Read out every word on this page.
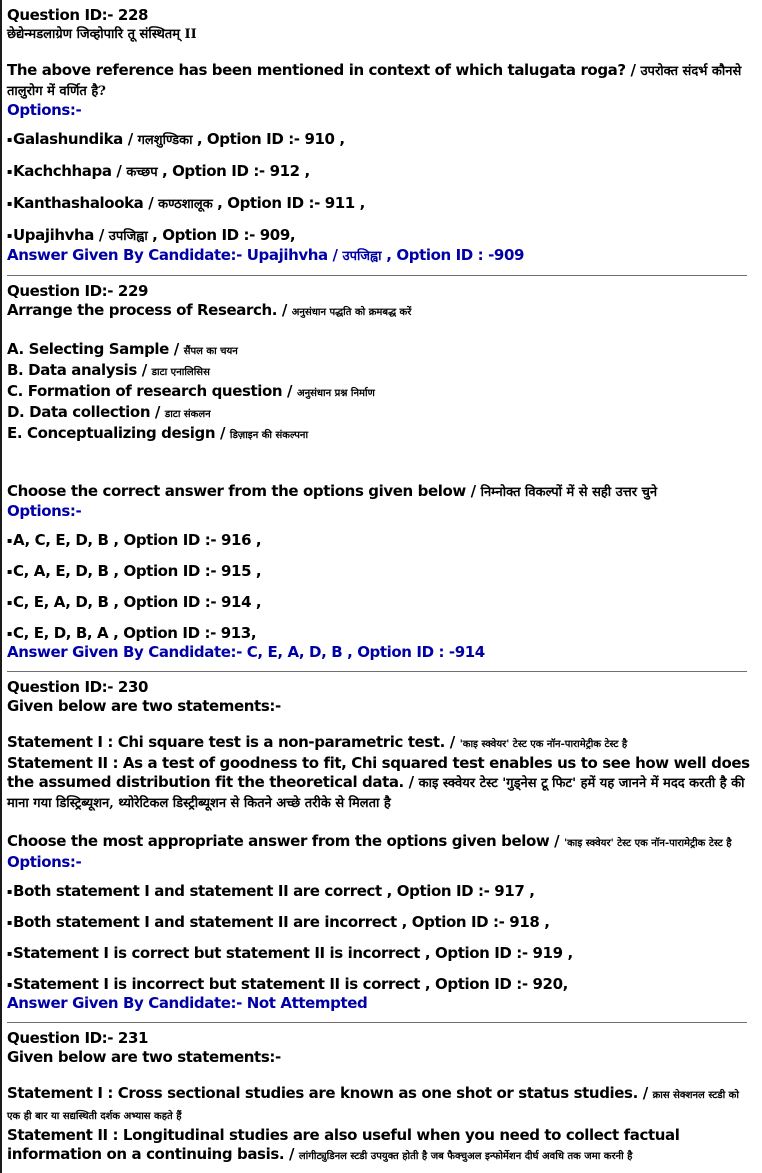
Question ID:- 228
छेद्येन्मडलाग्रेण जिव्होपारि तू संस्थितम् II
The above reference has been mentioned in context of which talugata roga? / उपरोक्त संदर्भ कौनसे तालुरोग में वर्णित है?
Options:-
▪Galashundika / गलशुण्डिका , Option ID :- 910 ,
▪Kachchhapa / कच्छप , Option ID :- 912 ,
▪Kanthashalooka / कण्ठशालूक , Option ID :- 911 ,
▪Upajihvha / उपजिह्वा , Option ID :- 909,
Answer Given By Candidate:- Upajihvha / उपजिह्वा , Option ID : -909
Question ID:- 229
Arrange the process of Research. / अनुसंधान पद्धति को क्रमबद्ध करें
A. Selecting Sample / सैंपल का चयन
B. Data analysis / डाटा एनालिसिस
C. Formation of research question / अनुसंधान प्रश्न निर्माण
D. Data collection / डाटा संकलन
E. Conceptualizing design / डिज़ाइन की संकल्पना
Choose the correct answer from the options given below / निम्नोक्त विकल्पों में से सही उत्तर चुने
Options:-
▪A, C, E, D, B , Option ID :- 916 ,
▪C, A, E, D, B , Option ID :- 915 ,
▪C, E, A, D, B , Option ID :- 914 ,
▪C, E, D, B, A , Option ID :- 913,
Answer Given By Candidate:- C, E, A, D, B , Option ID : -914
Question ID:- 230
Given below are two statements:-
Statement I : Chi square test is a non-parametric test. / 'काइ स्क्वेयर' टेस्ट एक नॉन-पारामेट्रीक टेस्ट है
Statement II : As a test of goodness to fit, Chi squared test enables us to see how well does the assumed distribution fit the theoretical data. / काइ स्क्वेयर टेस्ट 'गुड्नेस टू फिट' हमें यह जानने में मदद करती है की माना गया डिस्ट्रिब्यूशन, थ्योरेटिकल डिस्ट्रीब्यूशन से कितने अच्छे तरीके से मिलता है
Choose the most appropriate answer from the options given below / 'काइ स्क्वेयर' टेस्ट एक नॉन-पारामेट्रीक टेस्ट है
Options:-
▪Both statement I and statement II are correct , Option ID :- 917 ,
▪Both statement I and statement II are incorrect , Option ID :- 918 ,
▪Statement I is correct but statement II is incorrect , Option ID :- 919 ,
▪Statement I is incorrect but statement II is correct , Option ID :- 920,
Answer Given By Candidate:- Not Attempted
Question ID:- 231
Given below are two statements:-
Statement I : Cross sectional studies are known as one shot or status studies. / क्रास सेक्शनल स्टडी को एक ही बार या सद्यस्थिती दर्शक अभ्यास कहते हैं
Statement II : Longitudinal studies are also useful when you need to collect factual information on a continuing basis. / लांगीट्युडिनल स्टडी उपयुक्त होती है जब फैक्चुअल इन्फोर्मेशन दीर्घ अवधि तक जमा करनी है
